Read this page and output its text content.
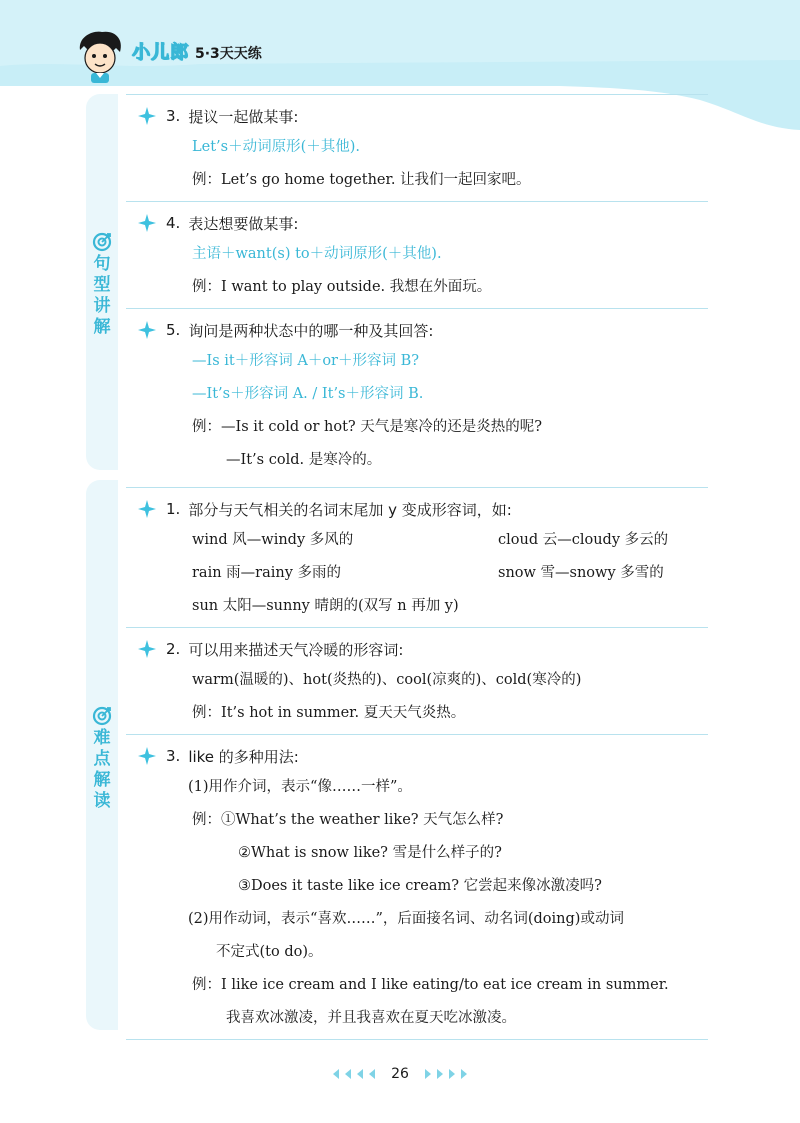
小儿郎 5·3天天练
句
型
讲
解
难
点
解
读
3. 提议一起做某事:
Let’s＋动词原形(＋其他).
例：Let’s go home together. 让我们一起回家吧。
4. 表达想要做某事:
主语＋want(s) to＋动词原形(＋其他).
例：I want to play outside. 我想在外面玩。
5. 询问是两种状态中的哪一种及其回答:
—Is it＋形容词 A＋or＋形容词 B?
—It’s＋形容词 A. / It’s＋形容词 B.
例：—Is it cold or hot? 天气是寒冷的还是炎热的呢?
—It’s cold. 是寒冷的。
1. 部分与天气相关的名词末尾加 y 变成形容词，如:
wind 风—windy 多风的	cloud 云—cloudy 多云的
rain 雨—rainy 多雨的	snow 雪—snowy 多雪的
sun 太阳—sunny 晴朗的(双写 n 再加 y)
2. 可以用来描述天气冷暖的形容词:
warm(温暖的)、hot(炎热的)、cool(凉爽的)、cold(寒冷的)
例：It’s hot in summer. 夏天天气炎热。
3. like 的多种用法:
(1)用作介词，表示“像……一样”。
例：①What’s the weather like? 天气怎么样?
②What is snow like? 雪是什么样子的?
③Does it taste like ice cream? 它尝起来像冰激凌吗?
(2)用作动词，表示“喜欢……”，后面接名词、动名词(doing)或动词
不定式(to do)。
例：I like ice cream and I like eating/to eat ice cream in summer.
我喜欢冰激凌，并且我喜欢在夏天吃冰激凌。
26
